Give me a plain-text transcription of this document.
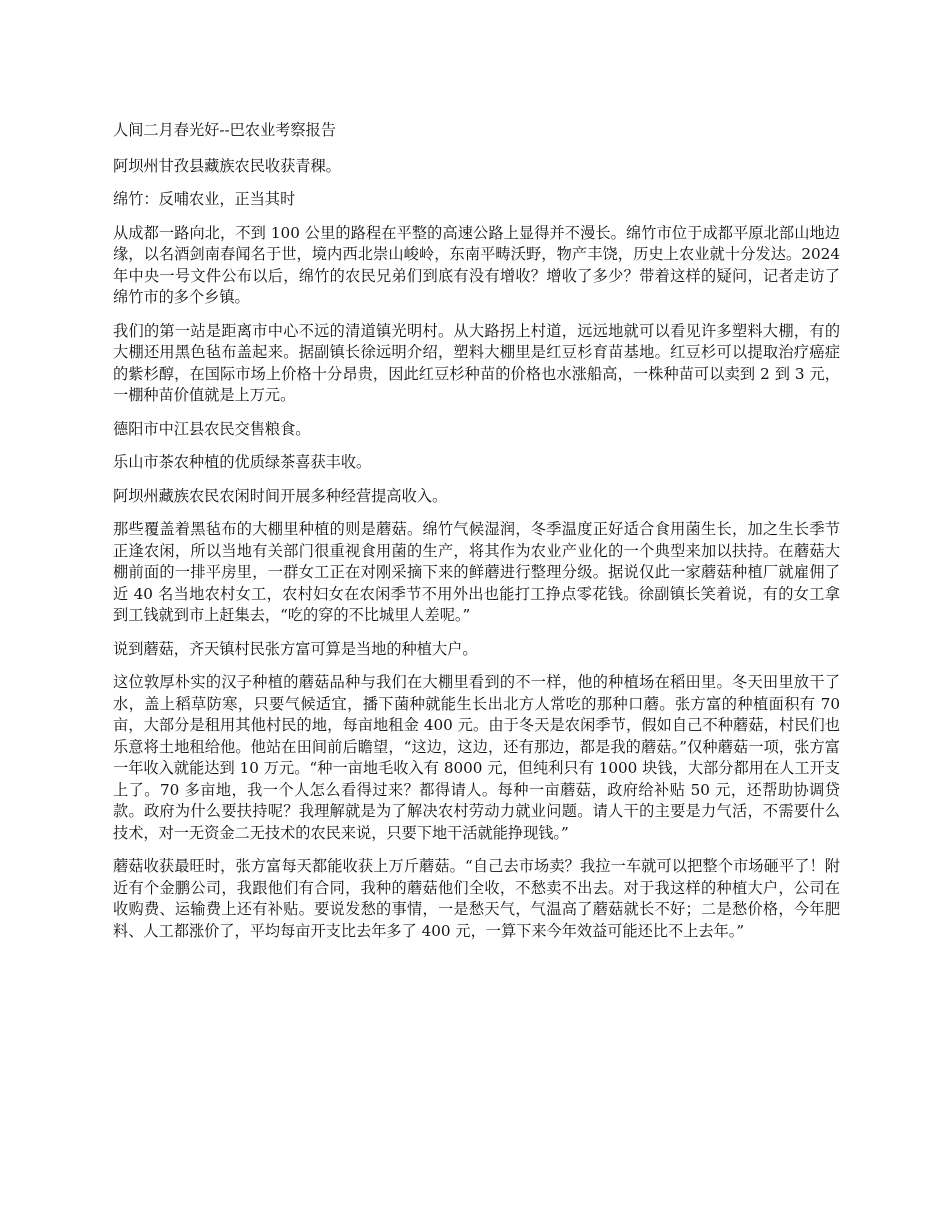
人间二月春光好--巴农业考察报告

阿坝州甘孜县藏族农民收获青稞。

绵竹：反哺农业，正当其时

从成都一路向北，不到 100 公里的路程在平整的高速公路上显得并不漫长。绵竹市位于成都平原北部山地边缘，以名酒剑南春闻名于世，境内西北崇山峻岭，东南平畴沃野，物产丰饶，历史上农业就十分发达。2024 年中央一号文件公布以后，绵竹的农民兄弟们到底有没有增收？增收了多少？带着这样的疑问，记者走访了绵竹市的多个乡镇。

我们的第一站是距离市中心不远的清道镇光明村。从大路拐上村道，远远地就可以看见许多塑料大棚，有的大棚还用黑色毡布盖起来。据副镇长徐远明介绍，塑料大棚里是红豆杉育苗基地。红豆杉可以提取治疗癌症的紫杉醇，在国际市场上价格十分昂贵，因此红豆杉种苗的价格也水涨船高，一株种苗可以卖到 2 到 3 元，一棚种苗价值就是上万元。

德阳市中江县农民交售粮食。

乐山市茶农种植的优质绿茶喜获丰收。

阿坝州藏族农民农闲时间开展多种经营提高收入。

那些覆盖着黑毡布的大棚里种植的则是蘑菇。绵竹气候湿润，冬季温度正好适合食用菌生长，加之生长季节正逢农闲，所以当地有关部门很重视食用菌的生产，将其作为农业产业化的一个典型来加以扶持。在蘑菇大棚前面的一排平房里，一群女工正在对刚采摘下来的鲜蘑进行整理分级。据说仅此一家蘑菇种植厂就雇佣了近 40 名当地农村女工，农村妇女在农闲季节不用外出也能打工挣点零花钱。徐副镇长笑着说，有的女工拿到工钱就到市上赶集去，“吃的穿的不比城里人差呢。”

说到蘑菇，齐天镇村民张方富可算是当地的种植大户。

这位敦厚朴实的汉子种植的蘑菇品种与我们在大棚里看到的不一样，他的种植场在稻田里。冬天田里放干了水，盖上稻草防寒，只要气候适宜，播下菌种就能生长出北方人常吃的那种口蘑。张方富的种植面积有 70 亩，大部分是租用其他村民的地，每亩地租金 400 元。由于冬天是农闲季节，假如自己不种蘑菇，村民们也乐意将土地租给他。他站在田间前后瞻望，“这边，这边，还有那边，都是我的蘑菇。”仅种蘑菇一项，张方富一年收入就能达到 10 万元。“种一亩地毛收入有 8000 元，但纯利只有 1000 块钱，大部分都用在人工开支上了。70 多亩地，我一个人怎么看得过来？都得请人。每种一亩蘑菇，政府给补贴 50 元，还帮助协调贷款。政府为什么要扶持呢？我理解就是为了解决农村劳动力就业问题。请人干的主要是力气活，不需要什么技术，对一无资金二无技术的农民来说，只要下地干活就能挣现钱。”

蘑菇收获最旺时，张方富每天都能收获上万斤蘑菇。“自己去市场卖？我拉一车就可以把整个市场砸平了！附近有个金鹏公司，我跟他们有合同，我种的蘑菇他们全收，不愁卖不出去。对于我这样的种植大户，公司在收购费、运输费上还有补贴。要说发愁的事情，一是愁天气，气温高了蘑菇就长不好；二是愁价格，今年肥料、人工都涨价了，平均每亩开支比去年多了 400 元，一算下来今年效益可能还比不上去年。”
